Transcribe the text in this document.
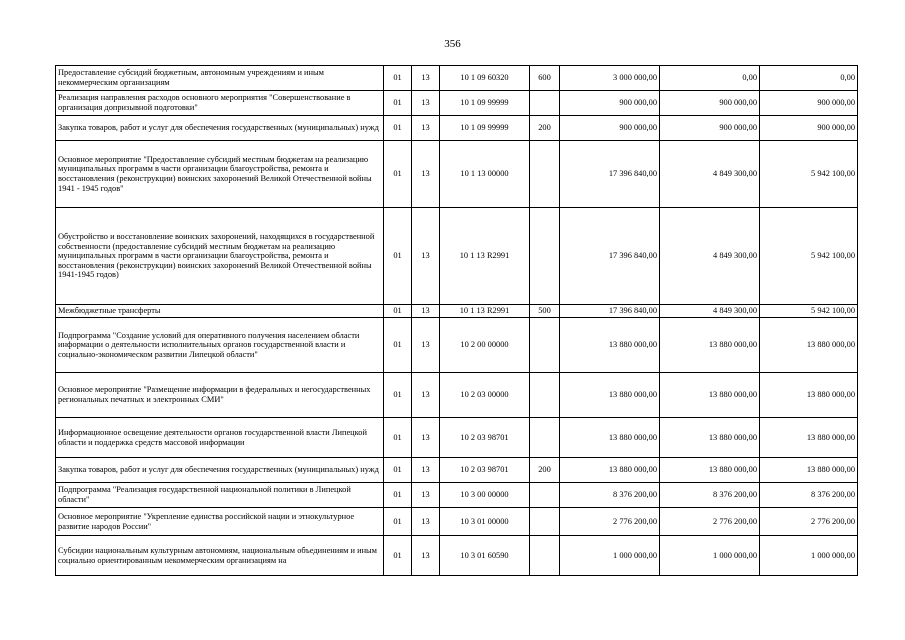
356
Предоставление субсидий бюджетным, автономным учреждениям и иным некоммерческим организациям	01	13	10 1 09 60320	600	3 000 000,00	0,00	0,00
Реализация направления расходов основного мероприятия "Совершенствование в организация допризывной подготовки"	01	13	10 1 09 99999		900 000,00	900 000,00	900 000,00
Закупка товаров, работ и услуг для обеспечения государственных (муниципальных) нужд	01	13	10 1 09 99999	200	900 000,00	900 000,00	900 000,00
Основное мероприятие "Предоставление субсидий местным бюджетам на реализацию муниципальных программ в части организации благоустройства, ремонта и восстановления (реконструкции) воинских захоронений Великой Отечественной войны 1941 - 1945 годов"	01	13	10 1 13 00000		17 396 840,00	4 849 300,00	5 942 100,00
Обустройство и восстановление воинских захоронений, находящихся в государственной собственности (предоставление субсидий местным бюджетам на реализацию муниципальных программ в части организации благоустройства, ремонта и восстановления (реконструкции) воинских захоронений Великой Отечественной войны 1941-1945 годов)	01	13	10 1 13 R2991		17 396 840,00	4 849 300,00	5 942 100,00
Межбюджетные трансферты	01	13	10 1 13 R2991	500	17 396 840,00	4 849 300,00	5 942 100,00
Подпрограмма "Создание условий для оперативного получения населением области информации о деятельности исполнительных органов государственной власти и социально-экономическом развитии Липецкой области"	01	13	10 2 00 00000		13 880 000,00	13 880 000,00	13 880 000,00
Основное мероприятие "Размещение информации в федеральных и негосударственных региональных печатных и электронных СМИ"	01	13	10 2 03 00000		13 880 000,00	13 880 000,00	13 880 000,00
Информационное освещение деятельности органов государственной власти Липецкой области и поддержка средств массовой информации	01	13	10 2 03 98701		13 880 000,00	13 880 000,00	13 880 000,00
Закупка товаров, работ и услуг для обеспечения государственных (муниципальных) нужд	01	13	10 2 03 98701	200	13 880 000,00	13 880 000,00	13 880 000,00
Подпрограмма "Реализация государственной национальной политики в Липецкой области"	01	13	10 3 00 00000		8 376 200,00	8 376 200,00	8 376 200,00
Основное мероприятие "Укрепление единства российской нации и этнокультурное развитие народов России"	01	13	10 3 01 00000		2 776 200,00	2 776 200,00	2 776 200,00
Субсидии национальным культурным автономиям, национальным объединениям и иным социально ориентированным некоммерческим организациям на	01	13	10 3 01 60590		1 000 000,00	1 000 000,00	1 000 000,00
